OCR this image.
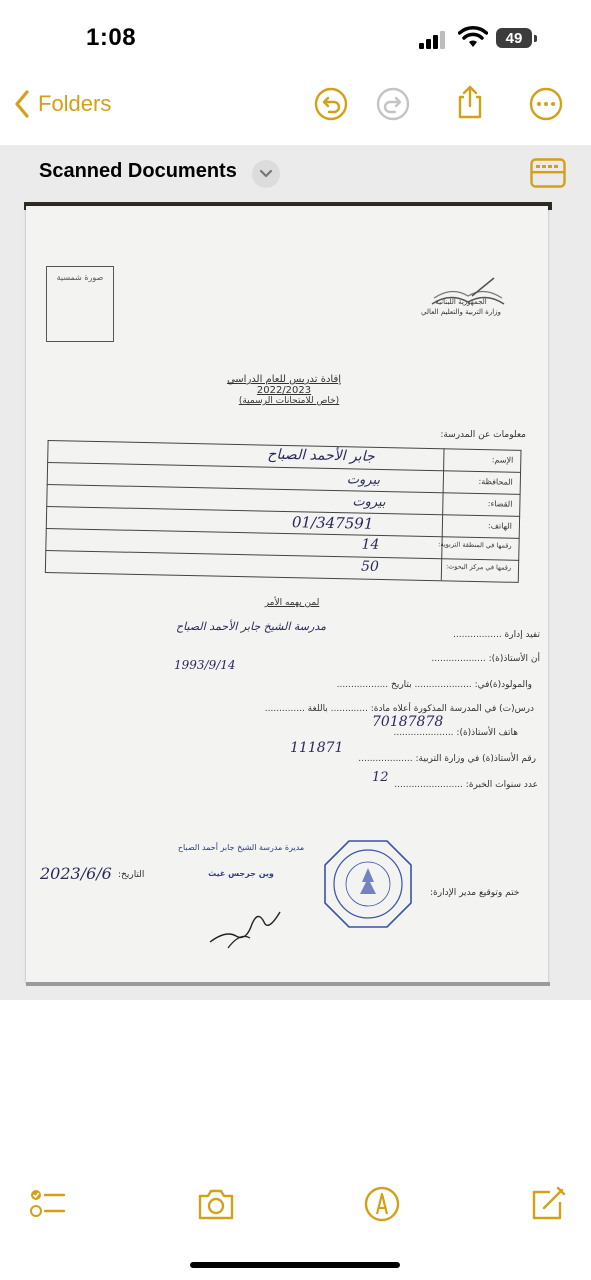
1:08	49
Folders
Scanned Documents
صورة شمسية
الجمهورية اللبنانية
وزارة التربية والتعليم العالي
إفادة تدريس للعام الدراسي 2022/2023
(خاص للامتحانات الرسمية)
معلومات عن المدرسة:
الإسم:
المحافظة:
القضاء:
الهاتف:
رقمها في المنطقة التربوية:
رقمها في مركز البحوث:
جابر الأحمد الصباح
بيروت
بيروت
01/347591
14
50
لمن يهمه الأمر
تفيد إدارة .................
مدرسة الشيخ جابر الأحمد الصباح
أن الأستاذ(ة): ...................
والمولود(ة)في: .................... بتاريخ ..................
1993/9/14
درس(ت) في المدرسة المذكورة أعلاه مادة: ............. باللغة ..............
هاتف الأستاذ(ة): .....................
70187878
رقم الأستاذ(ة) في وزارة التربية: ...................
111871
عدد سنوات الخبرة: ........................
12
مديرة مدرسة الشيخ جابر أحمد الصباح
وين جرجس غيث
التاريخ:
2023/6/6
ختم وتوقيع مدير الإدارة:
